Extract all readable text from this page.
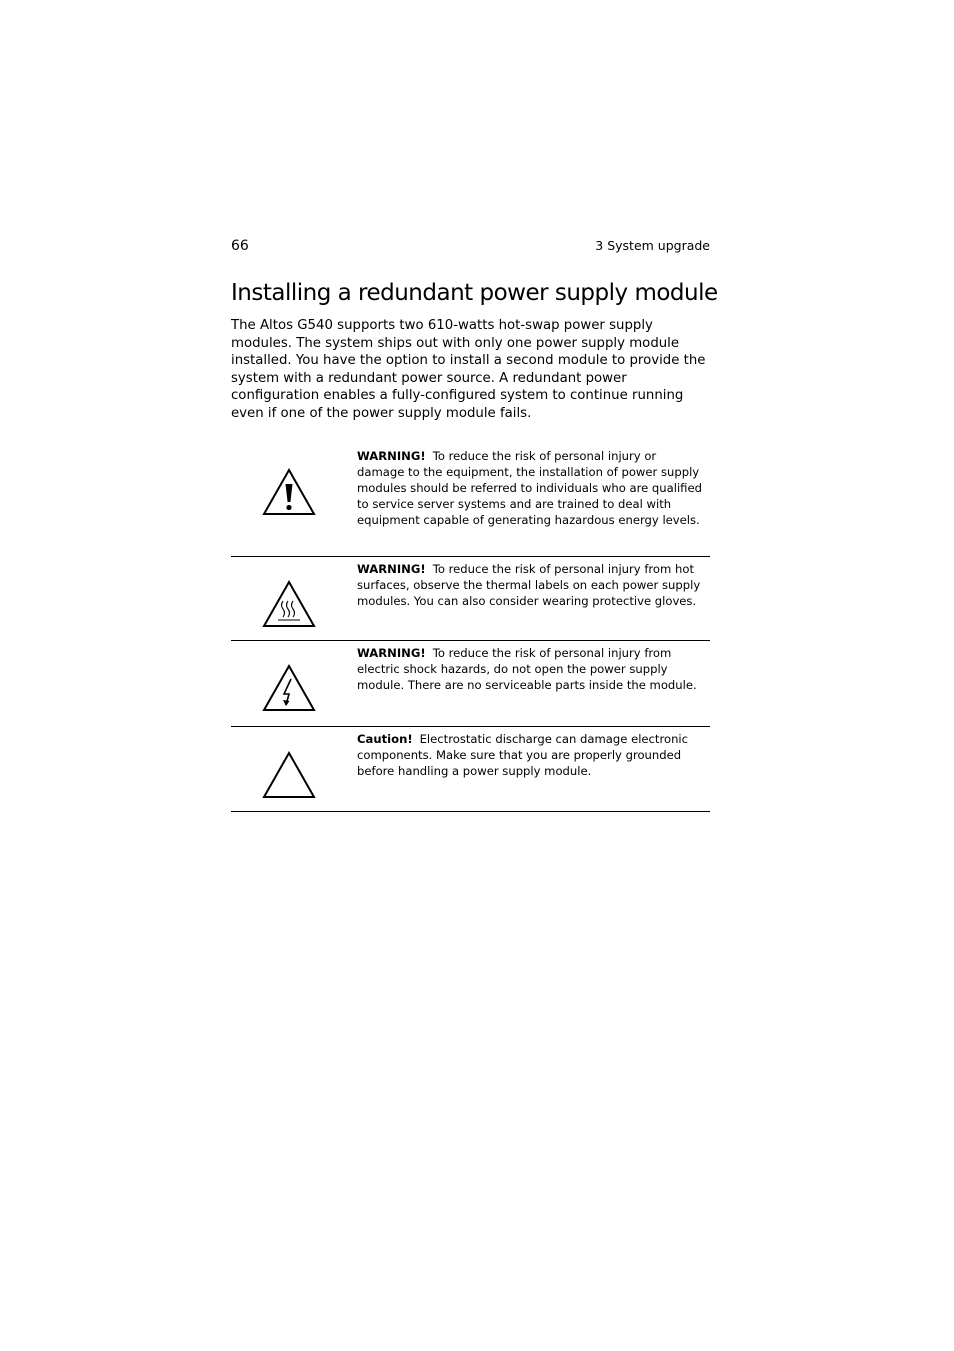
66	3 System upgrade
Installing a redundant power supply module

The Altos G540 supports two 610-watts hot-swap power supply modules. The system ships out with only one power supply module installed. You have the option to install a second module to provide the system with a redundant power source. A redundant power configuration enables a fully-configured system to continue running even if one of the power supply module fails.

WARNING! To reduce the risk of personal injury or damage to the equipment, the installation of power supply modules should be referred to individuals who are qualified to service server systems and are trained to deal with equipment capable of generating hazardous energy levels.

WARNING! To reduce the risk of personal injury from hot surfaces, observe the thermal labels on each power supply modules. You can also consider wearing protective gloves.

WARNING! To reduce the risk of personal injury from electric shock hazards, do not open the power supply module. There are no serviceable parts inside the module.

Caution! Electrostatic discharge can damage electronic components. Make sure that you are properly grounded before handling a power supply module.
